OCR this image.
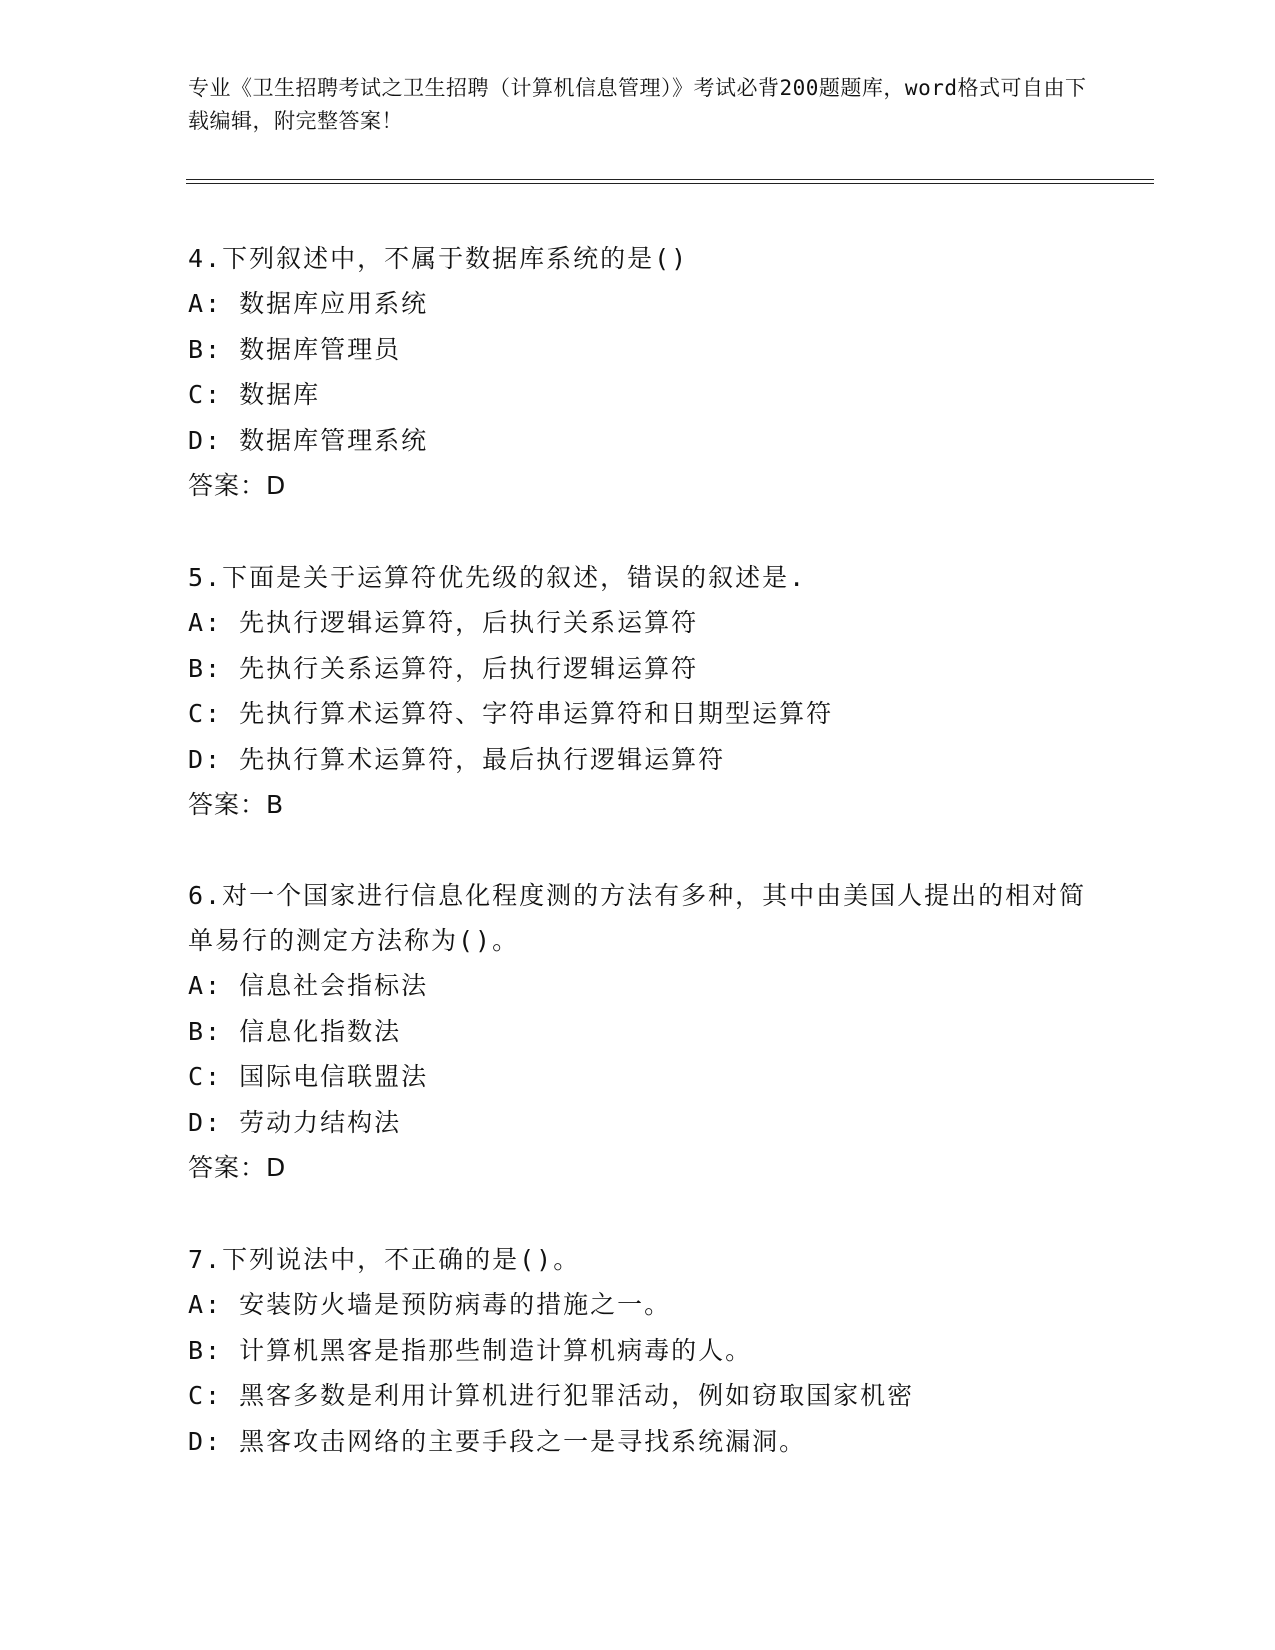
专业《卫生招聘考试之卫生招聘（计算机信息管理）》考试必背200题题库，word格式可自由下载编辑，附完整答案！
4.下列叙述中，不属于数据库系统的是()
A: 数据库应用系统
B: 数据库管理员
C: 数据库
D: 数据库管理系统
答案：D
5.下面是关于运算符优先级的叙述，错误的叙述是.
A: 先执行逻辑运算符，后执行关系运算符
B: 先执行关系运算符，后执行逻辑运算符
C: 先执行算术运算符、字符串运算符和日期型运算符
D: 先执行算术运算符，最后执行逻辑运算符
答案：B
6.对一个国家进行信息化程度测的方法有多种，其中由美国人提出的相对简单易行的测定方法称为()。
A: 信息社会指标法
B: 信息化指数法
C: 国际电信联盟法
D: 劳动力结构法
答案：D
7.下列说法中，不正确的是()。
A: 安装防火墙是预防病毒的措施之一。
B: 计算机黑客是指那些制造计算机病毒的人。
C: 黑客多数是利用计算机进行犯罪活动，例如窃取国家机密
D: 黑客攻击网络的主要手段之一是寻找系统漏洞。
